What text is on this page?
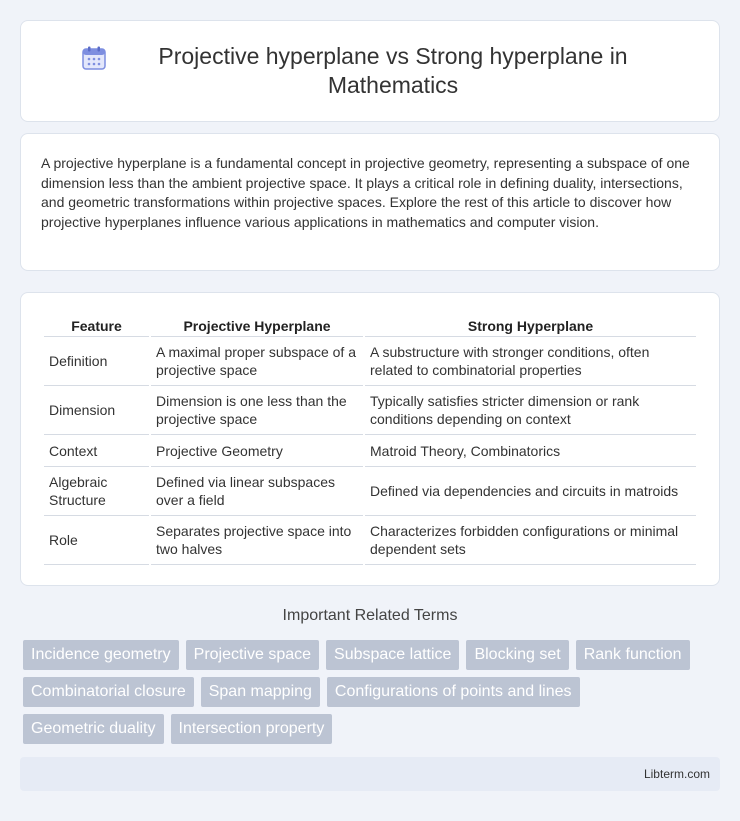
Projective hyperplane vs Strong hyperplane in Mathematics

A projective hyperplane is a fundamental concept in projective geometry, representing a subspace of one dimension less than the ambient projective space. It plays a critical role in defining duality, intersections, and geometric transformations within projective spaces. Explore the rest of this article to discover how projective hyperplanes influence various applications in mathematics and computer vision.

Feature	Projective Hyperplane	Strong Hyperplane
Definition	A maximal proper subspace of a projective space	A substructure with stronger conditions, often related to combinatorial properties
Dimension	Dimension is one less than the projective space	Typically satisfies stricter dimension or rank conditions depending on context
Context	Projective Geometry	Matroid Theory, Combinatorics
Algebraic Structure	Defined via linear subspaces over a field	Defined via dependencies and circuits in matroids
Role	Separates projective space into two halves	Characterizes forbidden configurations or minimal dependent sets
Important Related Terms
Incidence geometry	Projective space	Subspace lattice	Blocking set	Rank function
Combinatorial closure	Span mapping	Configurations of points and lines
Geometric duality	Intersection property
Libterm.com
